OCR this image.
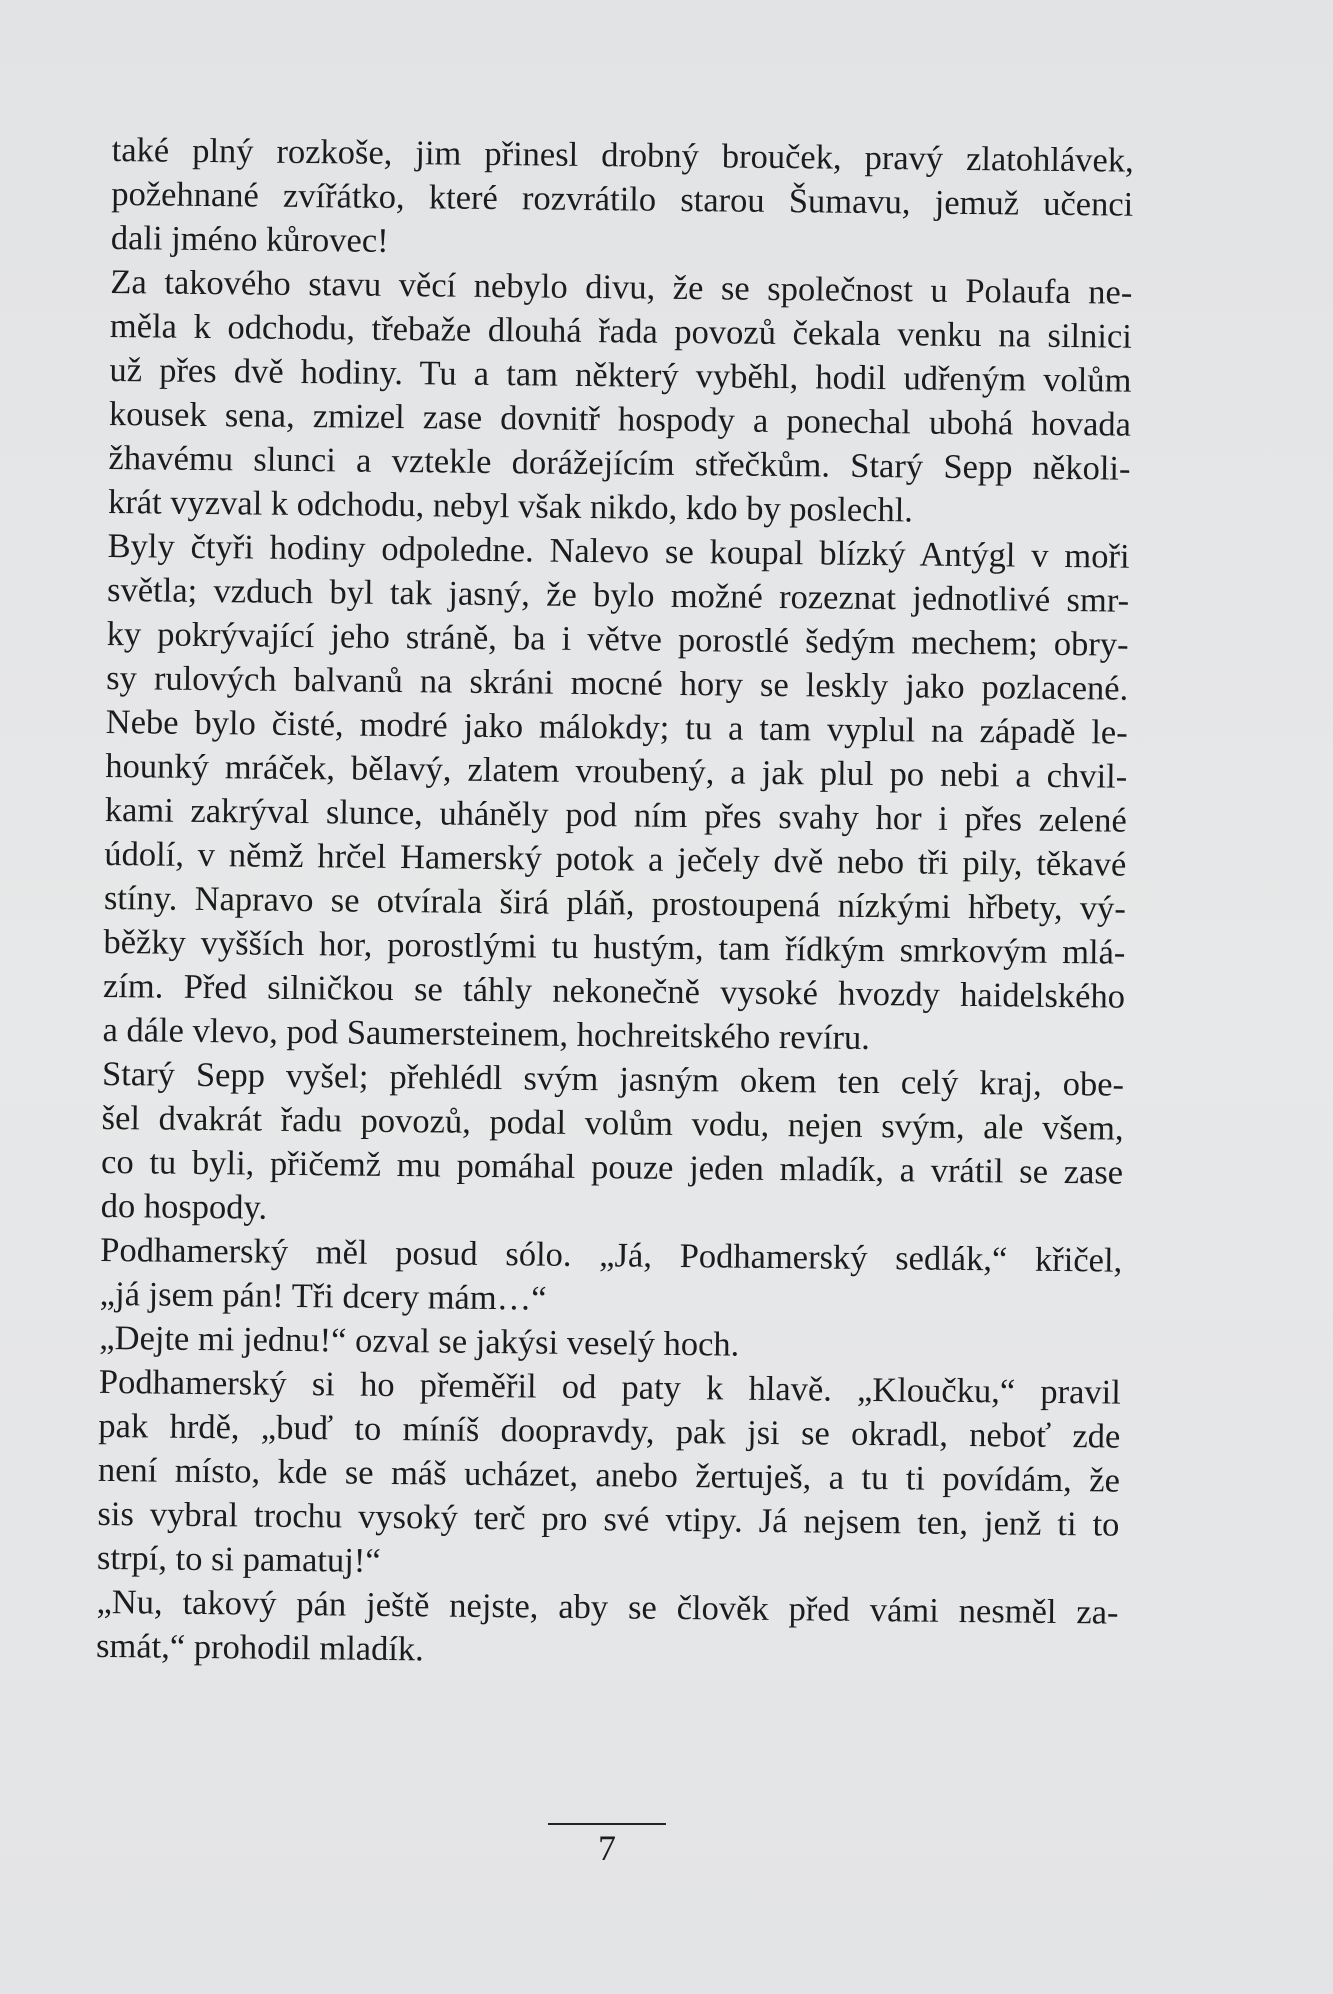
také plný rozkoše, jim přinesl drobný brouček, pravý zlatohlávek,
požehnané zvířátko, které rozvrátilo starou Šumavu, jemuž učenci
dali jméno kůrovec!
Za takového stavu věcí nebylo divu, že se společnost u Polaufa ne-
měla k odchodu, třebaže dlouhá řada povozů čekala venku na silnici
už přes dvě hodiny. Tu a tam některý vyběhl, hodil udřeným volům
kousek sena, zmizel zase dovnitř hospody a ponechal ubohá hovada
žhavému slunci a vztekle dorážejícím střečkům. Starý Sepp několi-
krát vyzval k odchodu, nebyl však nikdo, kdo by poslechl.
Byly čtyři hodiny odpoledne. Nalevo se koupal blízký Antýgl v moři
světla; vzduch byl tak jasný, že bylo možné rozeznat jednotlivé smr-
ky pokrývající jeho stráně, ba i větve porostlé šedým mechem; obry-
sy rulových balvanů na skráni mocné hory se leskly jako pozlacené.
Nebe bylo čisté, modré jako málokdy; tu a tam vyplul na západě le-
hounký mráček, bělavý, zlatem vroubený, a jak plul po nebi a chvil-
kami zakrýval slunce, uháněly pod ním přes svahy hor i přes zelené
údolí, v němž hrčel Hamerský potok a ječely dvě nebo tři pily, těkavé
stíny. Napravo se otvírala širá pláň, prostoupená nízkými hřbety, vý-
běžky vyšších hor, porostlými tu hustým, tam řídkým smrkovým mlá-
zím. Před silničkou se táhly nekonečně vysoké hvozdy haidelského
a dále vlevo, pod Saumersteinem, hochreitského revíru.
Starý Sepp vyšel; přehlédl svým jasným okem ten celý kraj, obe-
šel dvakrát řadu povozů, podal volům vodu, nejen svým, ale všem,
co tu byli, přičemž mu pomáhal pouze jeden mladík, a vrátil se zase
do hospody.
Podhamerský měl posud sólo. „Já, Podhamerský sedlák,“ křičel,
„já jsem pán! Tři dcery mám…“
„Dejte mi jednu!“ ozval se jakýsi veselý hoch.
Podhamerský si ho přeměřil od paty k hlavě. „Kloučku,“ pravil
pak hrdě, „buď to míníš doopravdy, pak jsi se okradl, neboť zde
není místo, kde se máš ucházet, anebo žertuješ, a tu ti povídám, že
sis vybral trochu vysoký terč pro své vtipy. Já nejsem ten, jenž ti to
strpí, to si pamatuj!“
„Nu, takový pán ještě nejste, aby se člověk před vámi nesměl za-
smát,“ prohodil mladík.
7
